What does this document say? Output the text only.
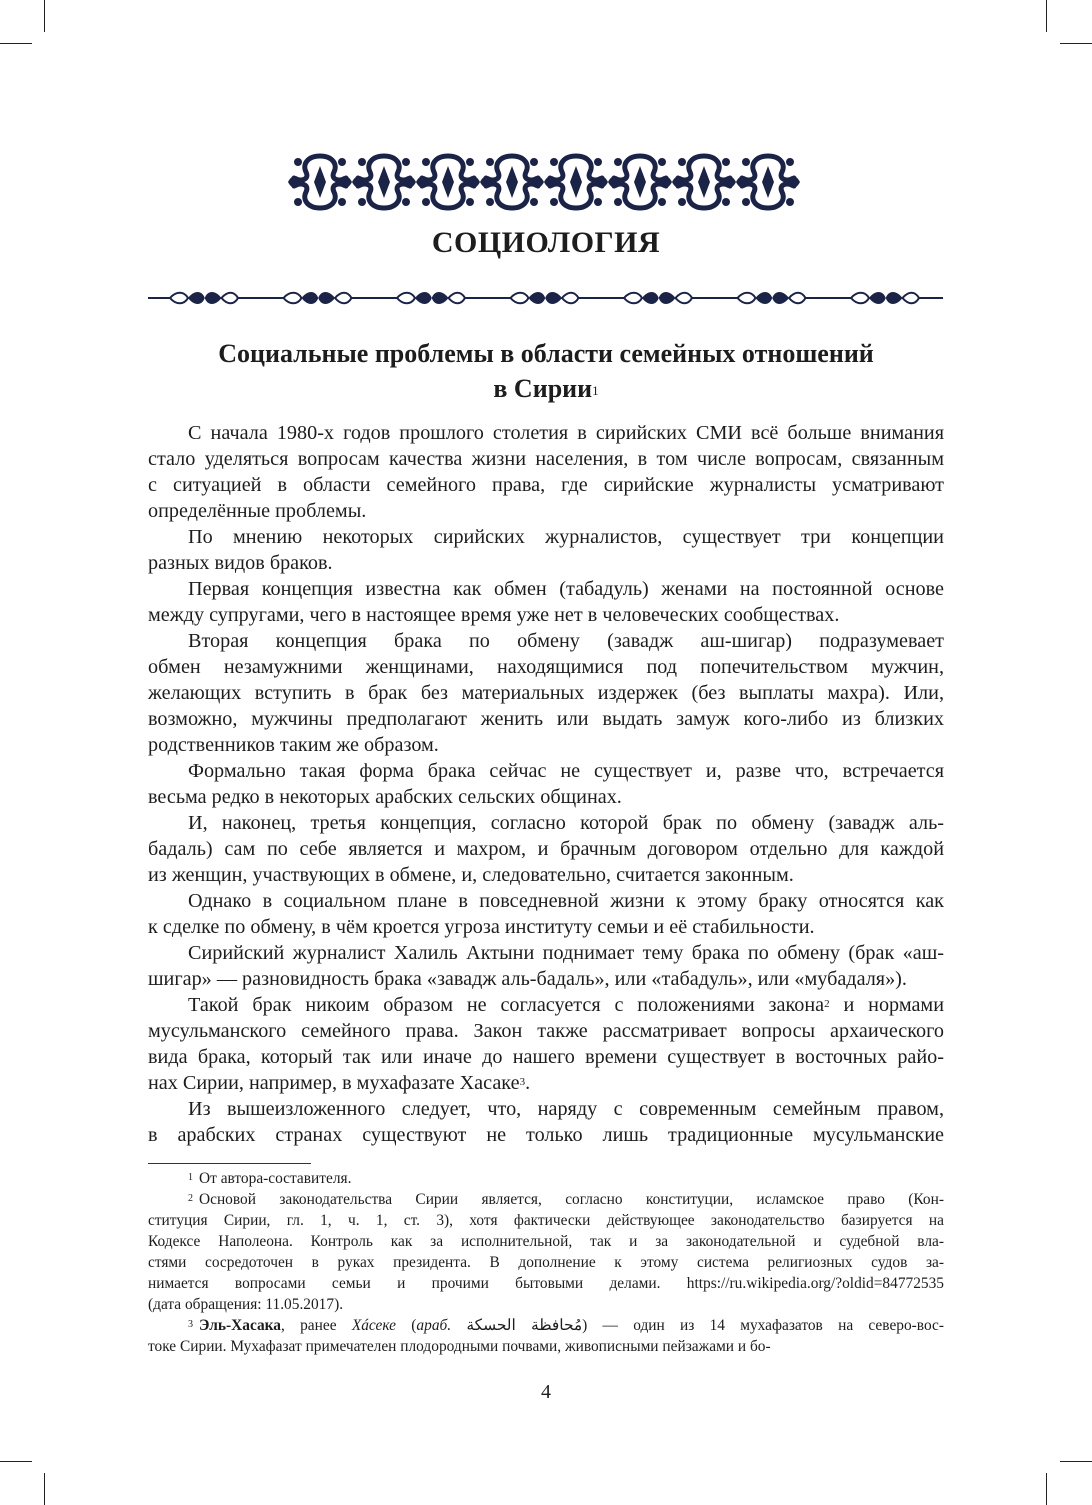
СОЦИОЛОГИЯ
Социальные проблемы в области семейных отношений
в Сирии$^1$

С начала 1980-х годов прошлого столетия в сирийских СМИ всё больше внимания

стало уделяться вопросам качества жизни населения, в том числе вопросам, связанным

с ситуацией в области семейного права, где сирийские журналисты усматривают

определённые проблемы.

По мнению некоторых сирийских журналистов, существует три концепции

разных видов браков.

Первая концепция известна как обмен (табадуль) женами на постоянной основе

между супругами, чего в настоящее время уже нет в человеческих сообществах.

Вторая концепция брака по обмену (завадж аш-шигар) подразумевает

обмен незамужними женщинами, находящимися под попечительством мужчин,

желающих вступить в брак без материальных издержек (без выплаты махра). Или,

возможно, мужчины предполагают женить или выдать замуж кого-либо из близких

родственников таким же образом.

Формально такая форма брака сейчас не существует и, разве что, встречается

весьма редко в некоторых арабских сельских общинах.

И, наконец, третья концепция, согласно которой брак по обмену (завадж аль-

бадаль) сам по себе является и махром, и брачным договором отдельно для каждой

из женщин, участвующих в обмене, и, следовательно, считается законным.

Однако в социальном плане в повседневной жизни к этому браку относятся как

к сделке по обмену, в чём кроется угроза институту семьи и её стабильности.

Сирийский журналист Халиль Актыни поднимает тему брака по обмену (брак «аш-

шигар» — разновидность брака «завадж аль-бадаль», или «табадуль», или «мубадаля»).

Такой брак никоим образом не согласуется с положениями закона$^2$ и нормами

мусульманского семейного права. Закон также рассматривает вопросы архаического

вида брака, который так или иначе до нашего времени существует в восточных райо-

нах Сирии, например, в мухафазате Хасаке$^3$.

Из вышеизложенного следует, что, наряду с современным семейным правом,

в арабских странах существуют не только лишь традиционные мусульманские

$^1$ От автора-составителя.

$^2$ Основой законодательства Сирии является, согласно конституции, исламское право (Кон-

ституция Сирии, гл. 1, ч. 1, ст. 3), хотя фактически действующее законодательство базируется на

Кодексе Наполеона. Контроль как за исполнительной, так и за законодательной и судебной вла-

стями сосредоточен в руках президента. В дополнение к этому система религиозных судов за-

нимается вопросами семьи и прочими бытовыми делами. https://ru.wikipedia.org/?oldid=84772535

(дата обращения: 11.05.2017).

$^3$ Эль-Хасака, ранее Хáсеке (араб. مُحافظة الحسكة) — один из 14 мухафазатов на северо-вос-

токе Сирии. Мухафазат примечателен плодородными почвами, живописными пейзажами и бо-

4
